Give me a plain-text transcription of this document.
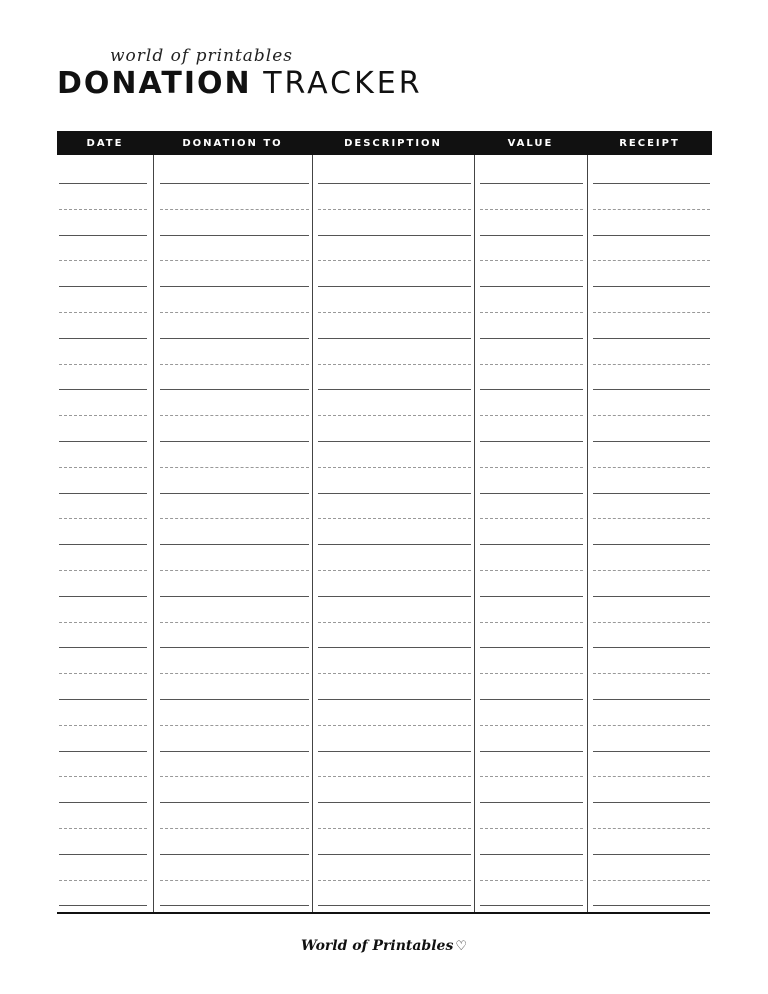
world of printables
DONATION TRACKER
DATE	DONATION TO	DESCRIPTION	VALUE	RECEIPT
World of Printables ♡
